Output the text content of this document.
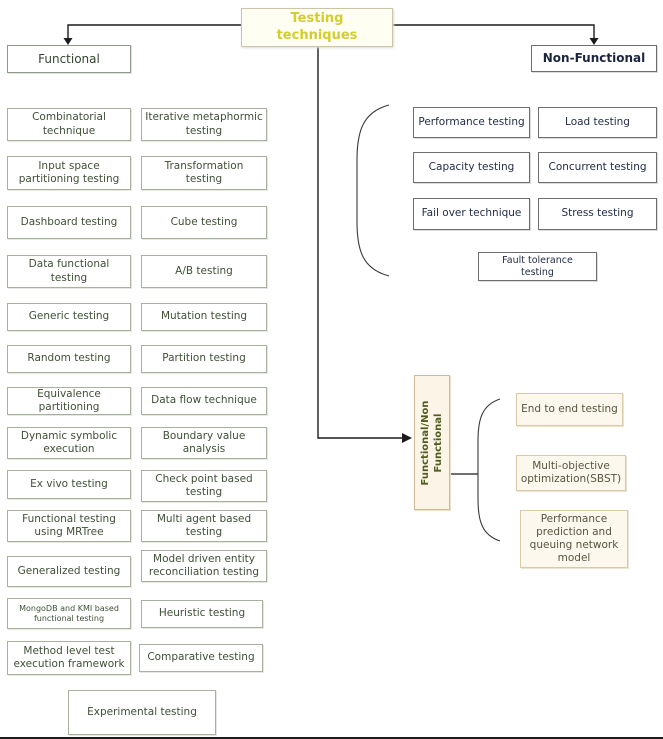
Testing techniques
Functional	Non-Functional
Combinatorial technique
Input space partitioning testing
Dashboard testing
Data functional testing
Generic testing
Random testing
Equivalence partitioning
Dynamic symbolic execution
Ex vivo testing
Functional testing using MRTree
Generalized testing
MongoDB and KMI based functional testing
Method level test execution framework
Iterative metaphormic testing
Transformation testing
Cube testing
A/B testing
Mutation testing
Partition testing
Data flow technique
Boundary value analysis
Check point based testing
Multi agent based testing
Model driven entity reconciliation testing
Heuristic testing
Comparative testing
Experimental testing
Performance testing	Load testing
Capacity testing	Concurrent testing
Fail over technique	Stress testing
Fault tolerance testing
Functional/Non Functional
End to end testing
Multi-objective optimization(SBST)
Performance prediction and queuing network model
